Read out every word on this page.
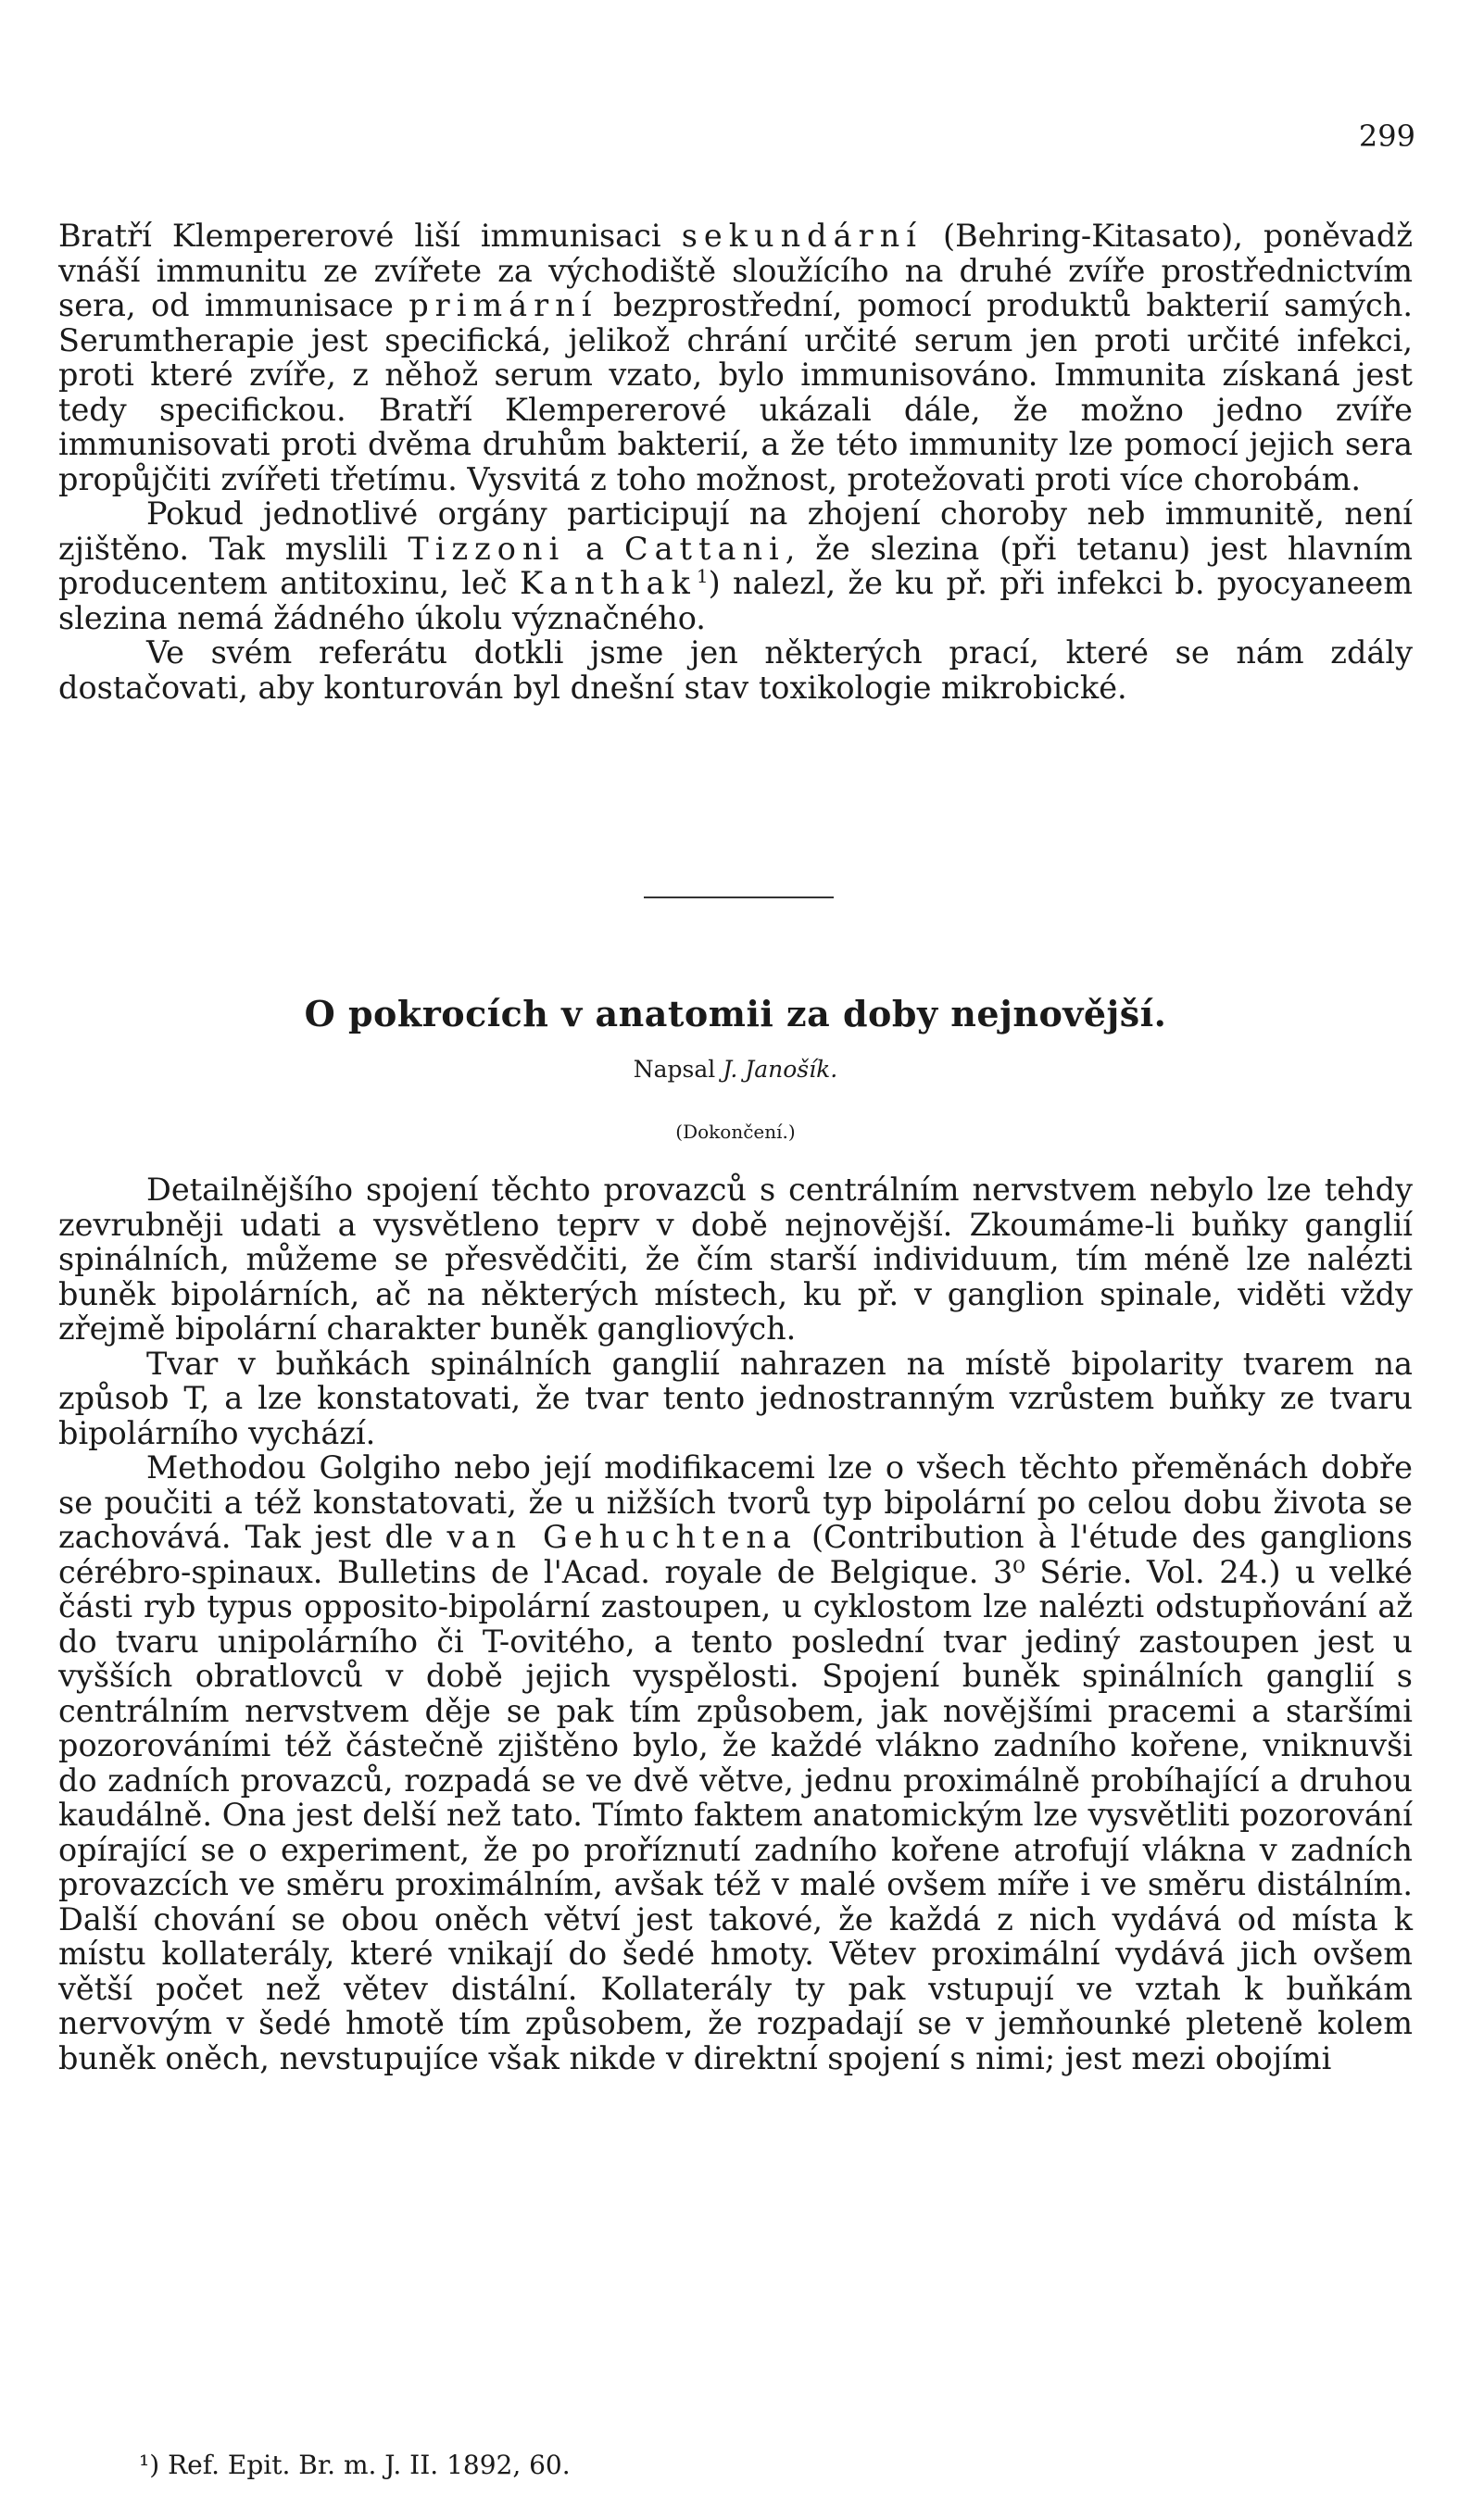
299

Bratří Klempererové liší immunisaci sekundární (Behring-Kitasato), poněvadž vnáší immunitu ze zvířete za východiště sloužícího na druhé zvíře prostřednictvím sera, od immunisace primární bezprostřední, pomocí produktů bakterií samých. Serumtherapie jest specifická, jelikož chrání určité serum jen proti určité infekci, proti které zvíře, z něhož serum vzato, bylo immunisováno. Immunita získaná jest tedy specifickou. Bratří Klempererové ukázali dále, že možno jedno zvíře immunisovati proti dvěma druhům bakterií, a že této immunity lze pomocí jejich sera propůjčiti zvířeti třetímu. Vysvitá z toho možnost, protežovati proti více chorobám.

Pokud jednotlivé orgány participují na zhojení choroby neb immunitě, není zjištěno. Tak myslili Tizzoni a Cattani, že slezina (při tetanu) jest hlavním producentem antitoxinu, leč Kanthak$^1$) nalezl, že ku př. při infekci b. pyocyaneem slezina nemá žádného úkolu význačného.

Ve svém referátu dotkli jsme jen některých prací, které se nám zdály dostačovati, aby konturován byl dnešní stav toxikologie mikrobické.

O pokrocích v anatomii za doby nejnovější.
Napsal J. Janošík.
(Dokončení.)

Detailnějšího spojení těchto provazců s centrálním nervstvem nebylo lze tehdy zevrubněji udati a vysvětleno teprv v době nejnovější. Zkoumáme-li buňky ganglií spinálních, můžeme se přesvědčiti, že čím starší individuum, tím méně lze nalézti buněk bipolárních, ač na některých místech, ku př. v ganglion spinale, viděti vždy zřejmě bipolární charakter buněk gangliových.

Tvar v buňkách spinálních ganglií nahrazen na místě bipolarity tvarem na způsob T, a lze konstatovati, že tvar tento jednostranným vzrůstem buňky ze tvaru bipolárního vychází.

Methodou Golgiho nebo její modifikacemi lze o všech těchto přeměnách dobře se poučiti a též konstatovati, že u nižších tvorů typ bipolární po celou dobu života se zachovává. Tak jest dle van Gehuchtena (Contribution à l'étude des ganglions cérébro-spinaux. Bulletins de l'Acad. royale de Belgique. 3⁰ Série. Vol. 24.) u velké části ryb typus opposito-bipolární zastoupen, u cyklostom lze nalézti odstupňování až do tvaru unipolárního či T-ovitého, a tento poslední tvar jediný zastoupen jest u vyšších obratlovců v době jejich vyspělosti. Spojení buněk spinálních ganglií s centrálním nervstvem děje se pak tím způsobem, jak novějšími pracemi a staršími pozorováními též částečně zjištěno bylo, že každé vlákno zadního kořene, vniknuvši do zadních provazců, rozpadá se ve dvě větve, jednu proximálně probíhající a druhou kaudálně. Ona jest delší než tato. Tímto faktem anatomickým lze vysvětliti pozorování opírající se o experiment, že po proříznutí zadního kořene atrofují vlákna v zadních provazcích ve směru proximálním, avšak též v malé ovšem míře i ve směru distálním. Další chování se obou oněch větví jest takové, že každá z nich vydává od místa k místu kollaterály, které vnikají do šedé hmoty. Větev proximální vydává jich ovšem větší počet než větev distální. Kollaterály ty pak vstupují ve vztah k buňkám nervovým v šedé hmotě tím způsobem, že rozpadají se v jemňounké pleteně kolem buněk oněch, nevstupujíce však nikde v direktní spojení s nimi; jest mezi obojími

¹) Ref. Epit. Br. m. J. II. 1892, 60.
